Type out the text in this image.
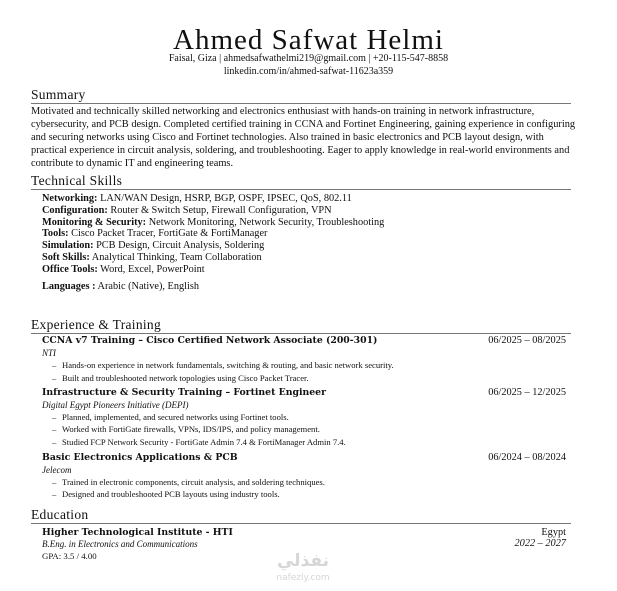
Ahmed Safwat Helmi
Faisal, Giza | ahmedsafwathelmi219@gmail.com | +20-115-547-8858
linkedin.com/in/ahmed-safwat-11623a359
Summary
Motivated and technically skilled networking and electronics enthusiast with hands-on training in network infrastructure, cybersecurity, and PCB design. Completed certified training in CCNA and Fortinet Engineering, gaining experience in configuring and securing networks using Cisco and Fortinet technologies. Also trained in basic electronics and PCB layout design, with practical experience in circuit analysis, soldering, and troubleshooting. Eager to apply knowledge in real-world environments and contribute to dynamic IT and engineering teams.
Technical Skills
Networking: LAN/WAN Design, HSRP, BGP, OSPF, IPSEC, QoS, 802.11
Configuration: Router & Switch Setup, Firewall Configuration, VPN
Monitoring & Security: Network Monitoring, Network Security, Troubleshooting
Tools: Cisco Packet Tracer, FortiGate & FortiManager
Simulation: PCB Design, Circuit Analysis, Soldering
Soft Skills: Analytical Thinking, Team Collaboration
Office Tools: Word, Excel, PowerPoint
Languages : Arabic (Native), English
Experience & Training
CCNA v7 Training – Cisco Certified Network Associate (200-301)	06/2025 – 08/2025
NTI
– Hands-on experience in network fundamentals, switching & routing, and basic network security.
– Built and troubleshooted network topologies using Cisco Packet Tracer.
Infrastructure & Security Training – Fortinet Engineer	06/2025 – 12/2025
Digital Egypt Pioneers Initiative (DEPI)
– Planned, implemented, and secured networks using Fortinet tools.
– Worked with FortiGate firewalls, VPNs, IDS/IPS, and policy management.
– Studied FCP Network Security - FortiGate Admin 7.4 & FortiManager Admin 7.4.
Basic Electronics Applications & PCB	06/2024 – 08/2024
Jelecom
– Trained in electronic components, circuit analysis, and soldering techniques.
– Designed and troubleshooted PCB layouts using industry tools.
Education
Higher Technological Institute - HTI	Egypt
B.Eng. in Electronics and Communications	2022 – 2027
GPA: 3.5 / 4.00	نفذلي
nafezly.com
